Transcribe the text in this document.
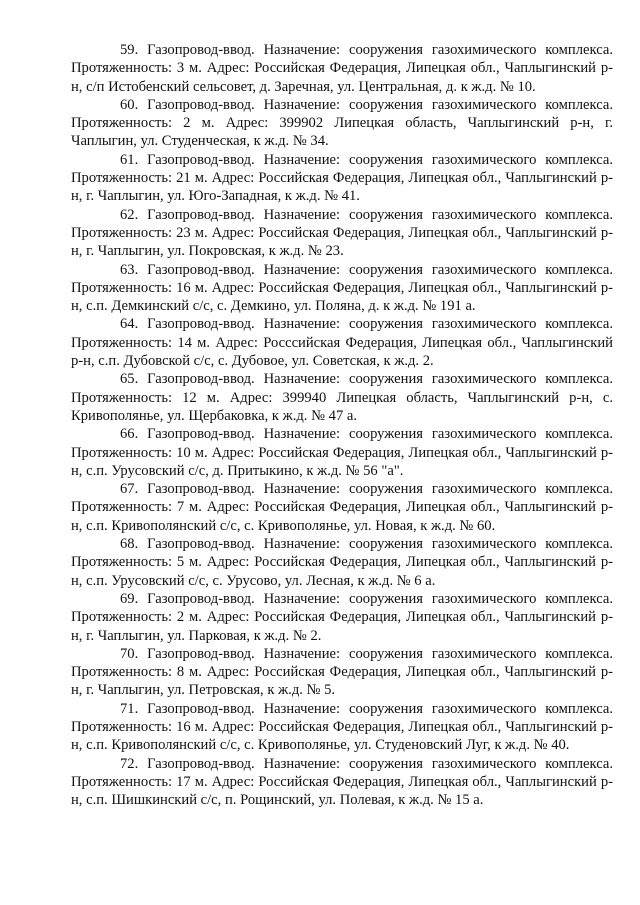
59. Газопровод-ввод. Назначение: сооружения газохимического комплекса. Протяженность: 3 м. Адрес: Российская Федерация, Липецкая обл., Чаплыгинский р-н, с/п Истобенский сельсовет, д. Заречная, ул. Центральная, д. к ж.д. № 10.

60. Газопровод-ввод. Назначение: сооружения газохимического комплекса. Протяженность: 2 м. Адрес: 399902 Липецкая область, Чаплыгинский р-н, г. Чаплыгин, ул. Студенческая, к ж.д. № 34.

61. Газопровод-ввод. Назначение: сооружения газохимического комплекса. Протяженность: 21 м. Адрес: Российская Федерация, Липецкая обл., Чаплыгинский р-н, г. Чаплыгин, ул. Юго-Западная, к ж.д. № 41.

62. Газопровод-ввод. Назначение: сооружения газохимического комплекса. Протяженность: 23 м. Адрес: Российская Федерация, Липецкая обл., Чаплыгинский р-н, г. Чаплыгин, ул. Покровская, к ж.д. № 23.

63. Газопровод-ввод. Назначение: сооружения газохимического комплекса. Протяженность: 16 м. Адрес: Российская Федерация, Липецкая обл., Чаплыгинский р-н, с.п. Демкинский с/с, с. Демкино, ул. Поляна, д. к ж.д. № 191 а.

64. Газопровод-ввод. Назначение: сооружения газохимического комплекса. Протяженность: 14 м. Адрес: Росссийская Федерация, Липецкая обл., Чаплыгинский р-н, с.п. Дубовской с/с, с. Дубовое, ул. Советская, к ж.д. 2.

65. Газопровод-ввод. Назначение: сооружения газохимического комплекса. Протяженность: 12 м. Адрес: 399940 Липецкая область, Чаплыгинский р-н, с. Кривополянье, ул. Щербаковка, к ж.д. № 47 а.

66. Газопровод-ввод. Назначение: сооружения газохимического комплекса. Протяженность: 10 м. Адрес: Российская Федерация, Липецкая обл., Чаплыгинский р-н, с.п. Урусовский с/с, д. Притыкино, к ж.д. № 56 "а".

67. Газопровод-ввод. Назначение: сооружения газохимического комплекса. Протяженность: 7 м. Адрес: Российская Федерация, Липецкая обл., Чаплыгинский р-н, с.п. Кривополянский с/с, с. Кривополянье, ул. Новая, к ж.д. № 60.

68. Газопровод-ввод. Назначение: сооружения газохимического комплекса. Протяженность: 5 м. Адрес: Российская Федерация, Липецкая обл., Чаплыгинский р-н, с.п. Урусовский с/с, с. Урусово, ул. Лесная, к ж.д. № 6 а.

69. Газопровод-ввод. Назначение: сооружения газохимического комплекса. Протяженность: 2 м. Адрес: Российская Федерация, Липецкая обл., Чаплыгинский р-н, г. Чаплыгин, ул. Парковая, к ж.д. № 2.

70. Газопровод-ввод. Назначение: сооружения газохимического комплекса. Протяженность: 8 м. Адрес: Российская Федерация, Липецкая обл., Чаплыгинский р-н, г. Чаплыгин, ул. Петровская, к ж.д. № 5.

71. Газопровод-ввод. Назначение: сооружения газохимического комплекса. Протяженность: 16 м. Адрес: Российская Федерация, Липецкая обл., Чаплыгинский р-н, с.п. Кривополянский с/с, с. Кривополянье, ул. Студеновский Луг, к ж.д. № 40.

72. Газопровод-ввод. Назначение: сооружения газохимического комплекса. Протяженность: 17 м. Адрес: Российская Федерация, Липецкая обл., Чаплыгинский р-н, с.п. Шишкинский с/с, п. Рощинский, ул. Полевая, к ж.д. № 15 а.
